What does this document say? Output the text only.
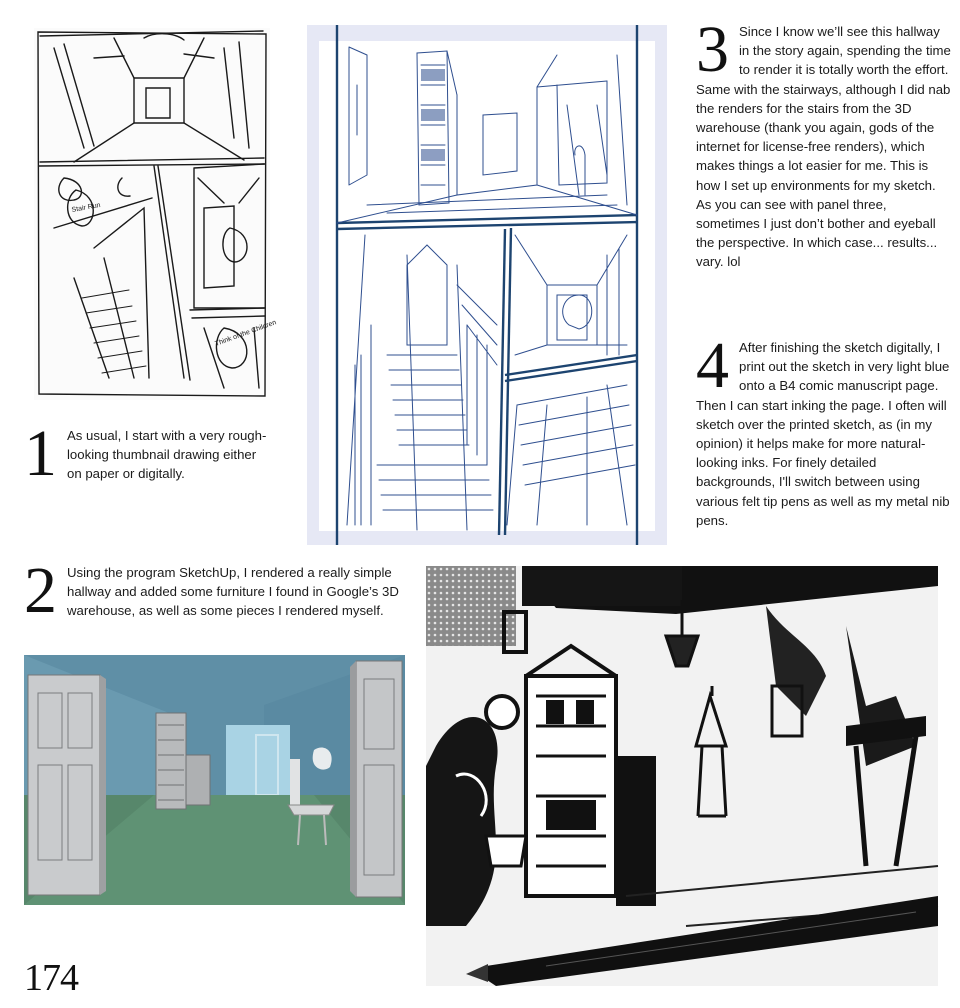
Stair Run
Think of the Children
1 As usual, I start with a very rough-looking thumbnail drawing either on paper or digitally.
3 Since I know we’ll see this hallway in the story again, spending the time to render it is totally worth the effort. Same with the stairways, although I did nab the renders for the stairs from the 3D warehouse (thank you again, gods of the internet for license-free renders), which makes things a lot easier for me. This is how I set up environments for my sketch. As you can see with panel three, sometimes I just don’t bother and eyeball the perspective. In which case... results... vary. lol
4 After finishing the sketch digitally, I print out the sketch in very light blue onto a B4 comic manuscript page. Then I can start inking the page. I often will sketch over the printed sketch, as (in my opinion) it helps make for more natural-looking inks. For finely detailed backgrounds, I'll switch between using various felt tip pens as well as my metal nib pens.
2 Using the program SketchUp, I rendered a really simple hallway and added some furniture I found in Google’s 3D warehouse, as well as some pieces I rendered myself.
174
